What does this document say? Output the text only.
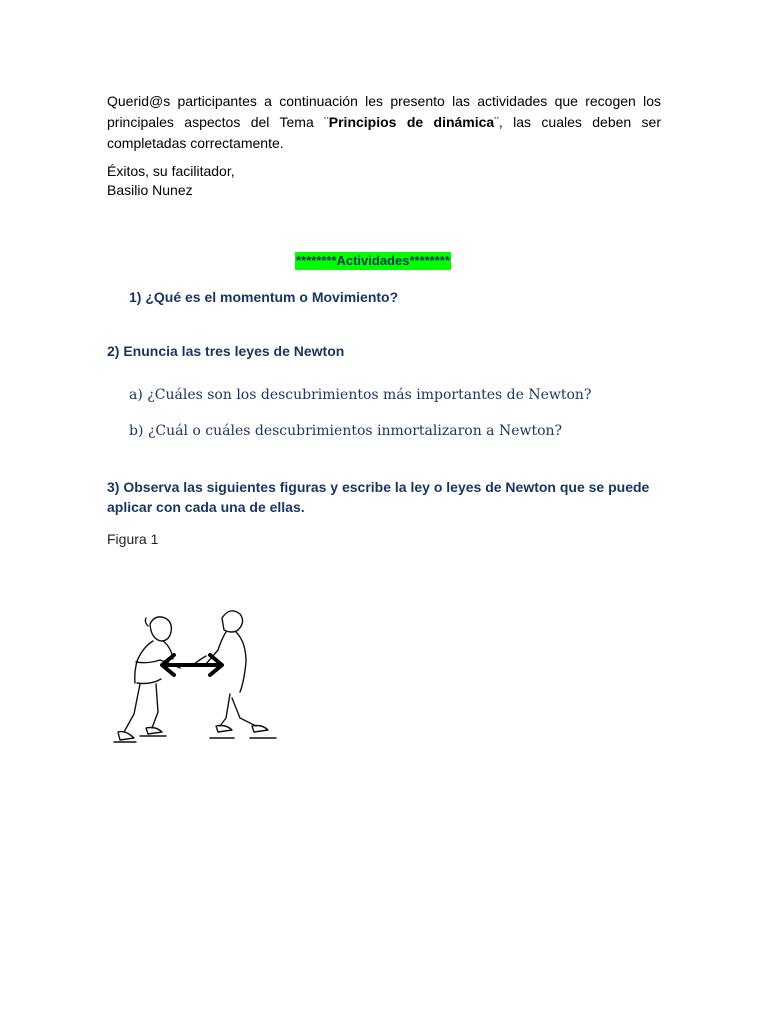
Querid@s participantes a continuación les presento las actividades que recogen los principales aspectos del Tema ¨Principios de dinámica¨, las cuales deben ser completadas correctamente.
Éxitos, su facilitador,
Basilio Nunez
********Actividades********
1) ¿Qué es el momentum o Movimiento?
2) Enuncia las tres leyes de Newton
a) ¿Cuáles son los descubrimientos más importantes de Newton?
b) ¿Cuál o cuáles descubrimientos inmortalizaron a Newton?
3) Observa las siguientes figuras y escribe la ley o leyes de Newton que se puede aplicar con cada una de ellas.
Figura 1
